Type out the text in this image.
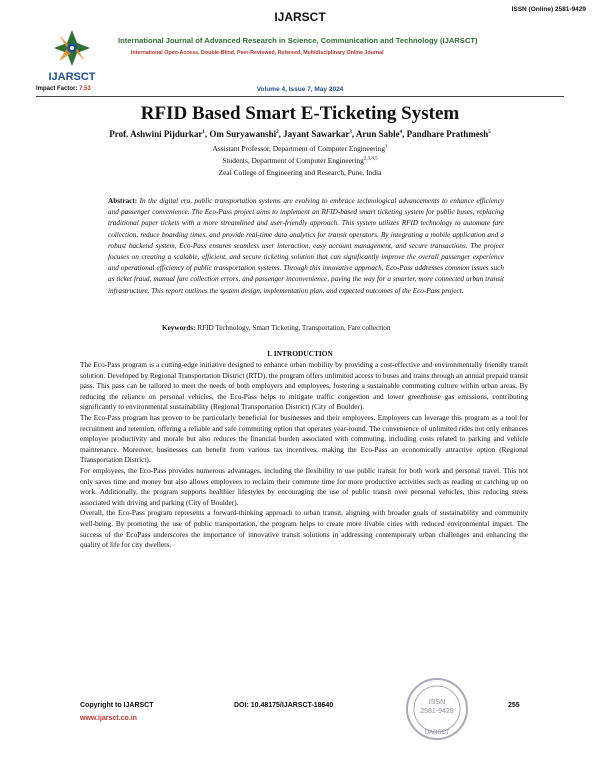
IJARSCT
ISSN (Online) 2581-9429
IJARSCT
International Journal of Advanced Research in Science, Communication and Technology (IJARSCT)
International Open-Access, Double-Blind, Peer-Reviewed, Refereed, Multidisciplinary Online Journal
Impact Factor: 7.53	Volume 4, Issue 7, May 2024
RFID Based Smart E-Ticketing System
Prof. Ashwini Pijdurkar$^1$, Om Suryawanshi$^2$, Jayant Sawarkar$^3$, Arun Sable$^4$, Pandhare Prathmesh$^5$
Assistant Professor, Department of Computer Engineering$^1$
Students, Department of Computer Engineering$^{2,3,4,5}$
Zeal College of Engineering and Research, Pune, India
Abstract: In the digital era, public transportation systems are evolving to embrace technological advancements to enhance efficiency and passenger convenience. The Eco-Pass project aims to implement an RFID-based smart ticketing system for public buses, replacing traditional paper tickets with a more streamlined and user-friendly approach. This system utilizes RFID technology to automate fare collection, reduce boarding times, and provide real-time data analytics for transit operators. By integrating a mobile application and a robust backend system, Eco-Pass ensures seamless user interaction, easy account management, and secure transactions. The project focuses on creating a scalable, efficient, and secure ticketing solution that can significantly improve the overall passenger experience and operational efficiency of public transportation systems. Through this innovative approach, Eco-Pass addresses common issues such as ticket fraud, manual fare collection errors, and passenger inconvenience, paving the way for a smarter, more connected urban transit infrastructure. This report outlines the system design, implementation plan, and expected outcomes of the Eco-Pass project.
Keywords: RFID Technology, Smart Ticketing, Transportation, Fare collection
I. INTRODUCTION

The Eco-Pass program is a cutting-edge initiative designed to enhance urban mobility by providing a cost-effective and environmentally friendly transit solution. Developed by Regional Transportation District (RTD), the program offers unlimited access to buses and trains through an annual prepaid transit pass. This pass can be tailored to meet the needs of both employers and employees, fostering a sustainable commuting culture within urban areas. By reducing the reliance on personal vehicles, the Eco-Pass helps to mitigate traffic congestion and lower greenhouse gas emissions, contributing significantly to environmental sustainability (Regional Transportation District) (City of Boulder).

The Eco-Pass program has proven to be particularly beneficial for businesses and their employees. Employers can leverage this program as a tool for recruitment and retention, offering a reliable and safe commuting option that operates year-round. The convenience of unlimited rides not only enhances employee productivity and morale but also reduces the financial burden associated with commuting, including costs related to parking and vehicle maintenance. Moreover, businesses can benefit from various tax incentives, making the Eco-Pass an economically attractive option (Regional Transportation District).

For employees, the Eco-Pass provides numerous advantages, including the flexibility to use public transit for both work and personal travel. This not only saves time and money but also allows employees to reclaim their commute time for more productive activities such as reading or catching up on work. Additionally, the program supports healthier lifestyles by encouraging the use of public transit over personal vehicles, thus reducing stress associated with driving and parking (City of Boulder).

Overall, the Eco-Pass program represents a forward-thinking approach to urban transit, aligning with broader goals of sustainability and community well-being. By promoting the use of public transportation, the program helps to create more livable cities with reduced environmental impact. The success of the EcoPass underscores the importance of innovative transit solutions in addressing contemporary urban challenges and enhancing the quality of life for city dwellers.

ISSN
2581-9429
IJARSCT
Copyright to IJARSCT
www.ijarsct.co.in
DOI: 10.48175/IJARSCT-18640	255
